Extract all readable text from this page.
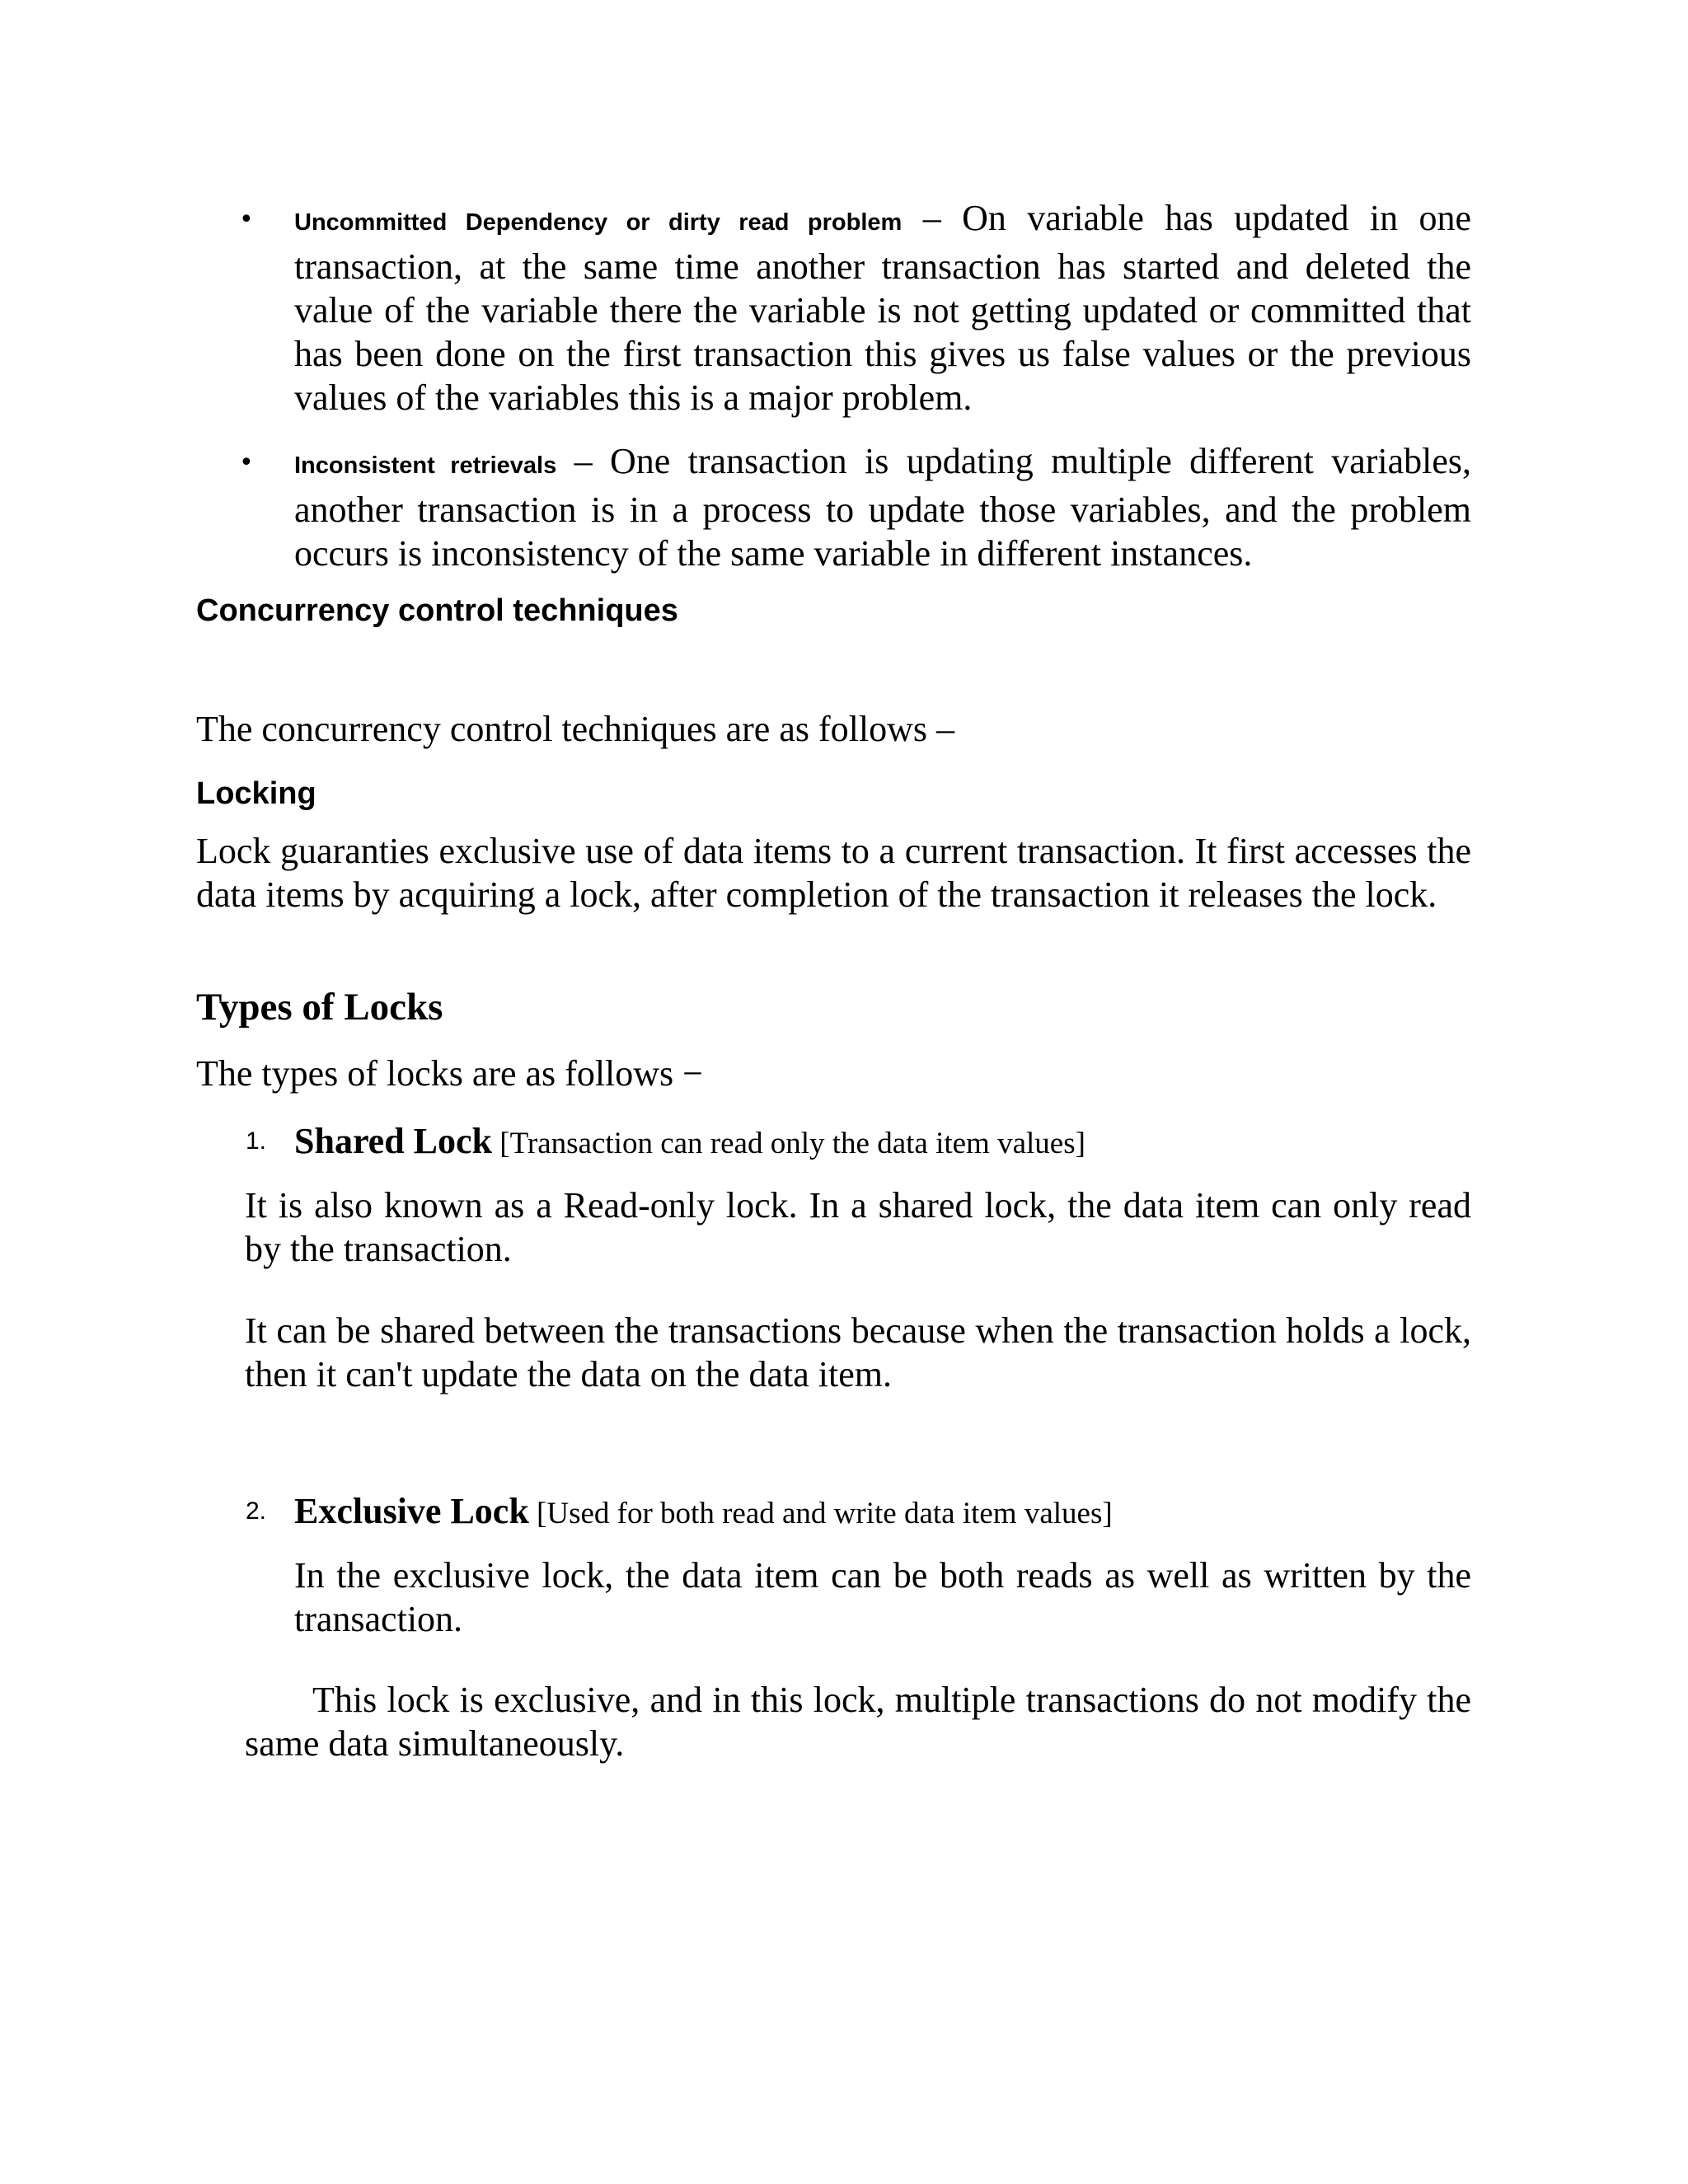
• Uncommitted Dependency or dirty read problem – On variable has updated in one transaction, at the same time another transaction has started and deleted the value of the variable there the variable is not getting updated or committed that has been done on the first transaction this gives us false values or the previous values of the variables this is a major problem.

• Inconsistent retrievals – One transaction is updating multiple different variables, another transaction is in a process to update those variables, and the problem occurs is inconsistency of the same variable in different instances.

Concurrency control techniques

The concurrency control techniques are as follows –

Locking

Lock guaranties exclusive use of data items to a current transaction. It first accesses the data items by acquiring a lock, after completion of the transaction it releases the lock.

Types of Locks

The types of locks are as follows −

1. Shared Lock [Transaction can read only the data item values]

It is also known as a Read-only lock. In a shared lock, the data item can only read by the transaction.

It can be shared between the transactions because when the transaction holds a lock, then it can't update the data on the data item.

2. Exclusive Lock [Used for both read and write data item values]

In the exclusive lock, the data item can be both reads as well as written by the transaction.

This lock is exclusive, and in this lock, multiple transactions do not modify the same data simultaneously.
